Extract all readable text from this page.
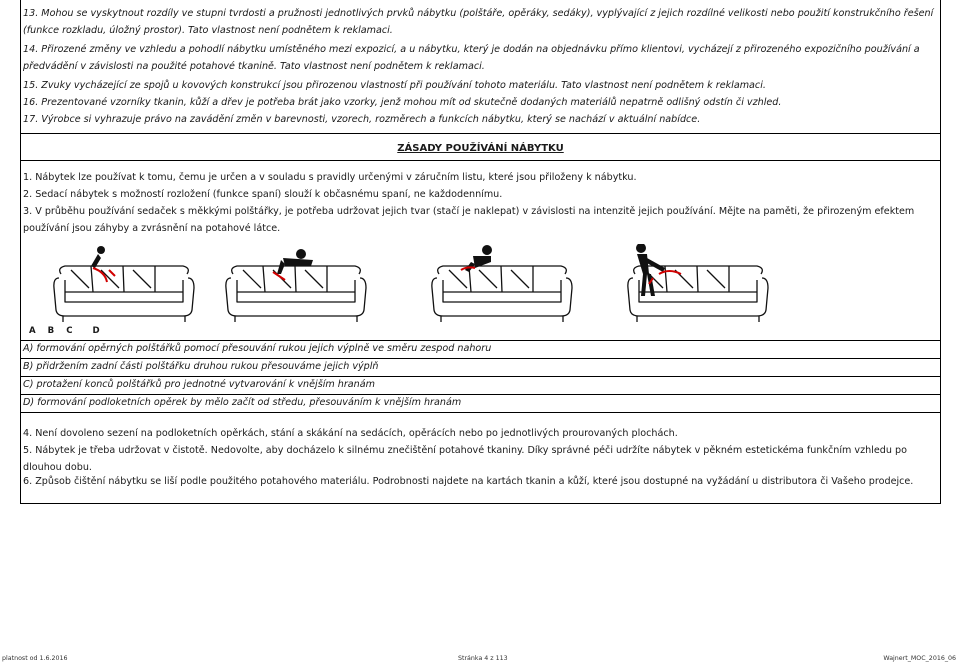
13. Mohou se vyskytnout rozdíly ve stupni tvrdosti a pružnosti jednotlivých prvků nábytku (polštáře, opěráky, sedáky), vyplývající z jejich rozdílné velikosti nebo použití konstrukčního řešení (funkce rozkladu, úložný prostor). Tato vlastnost není podnětem k reklamaci.

14. Přirozené změny ve vzhledu a pohodlí nábytku umístěného mezi expozicí, a u nábytku, který je dodán na objednávku přímo klientovi, vycházejí z přirozeného expozičního používání a předvádění v závislosti na použité potahové tkanině. Tato vlastnost není podnětem k reklamaci.

15. Zvuky vycházející ze spojů u kovových konstrukcí jsou přirozenou vlastností při používání tohoto materiálu. Tato vlastnost není podnětem k reklamaci.

16. Prezentované vzorníky tkanin, kůží a dřev je potřeba brát jako vzorky, jenž mohou mít od skutečně dodaných materiálů nepatrně odlišný odstín či vzhled.

17. Výrobce si vyhrazuje právo na zavádění změn v barevnosti, vzorech, rozměrech a funkcích nábytku, který se nachází v aktuální nabídce.

ZÁSADY POUŽÍVÁNÍ NÁBYTKU

1. Nábytek lze používat k tomu, čemu je určen a v souladu s pravidly určenými v záručním listu, které jsou přiloženy k nábytku.

2. Sedací nábytek s možností rozložení (funkce spaní) slouží k občasnému spaní, ne každodennímu.

3. V průběhu používání sedaček s měkkými polštářky, je potřeba udržovat jejich tvar (stačí je naklepat) v závislosti na intenzitě jejich používání. Mějte na paměti, že přirozeným efektem používání jsou záhyby a zvrásnění na potahové látce.

A B C D

A) formování opěrných polštářků pomocí přesouvání rukou jejich výplně ve směru zespod nahoru

B) přidržením zadní části polštářku druhou rukou přesouváme jejich výplň

C) protažení konců polštářků pro jednotné vytvarování k vnějším hranám

D) formování podloketních opěrek by mělo začít od středu, přesouváním k vnějším hranám

4. Není dovoleno sezení na podloketních opěrkách, stání a skákání na sedácích, opěrácích nebo po jednotlivých prourovaných plochách.

5. Nábytek je třeba udržovat v čistotě. Nedovolte, aby docházelo k silnému znečištění potahové tkaniny. Díky správné péči udržíte nábytek v pěkném estetickéma funkčním vzhledu po dlouhou dobu.

6. Způsob čištění nábytku se liší podle použitého potahového materiálu. Podrobnosti najdete na kartách tkanin a kůží, které jsou dostupné na vyžádání u distributora či Vašeho prodejce.

platnost od 1.6.2016	Stránka 4 z 113	Wajnert_MOC_2016_06
